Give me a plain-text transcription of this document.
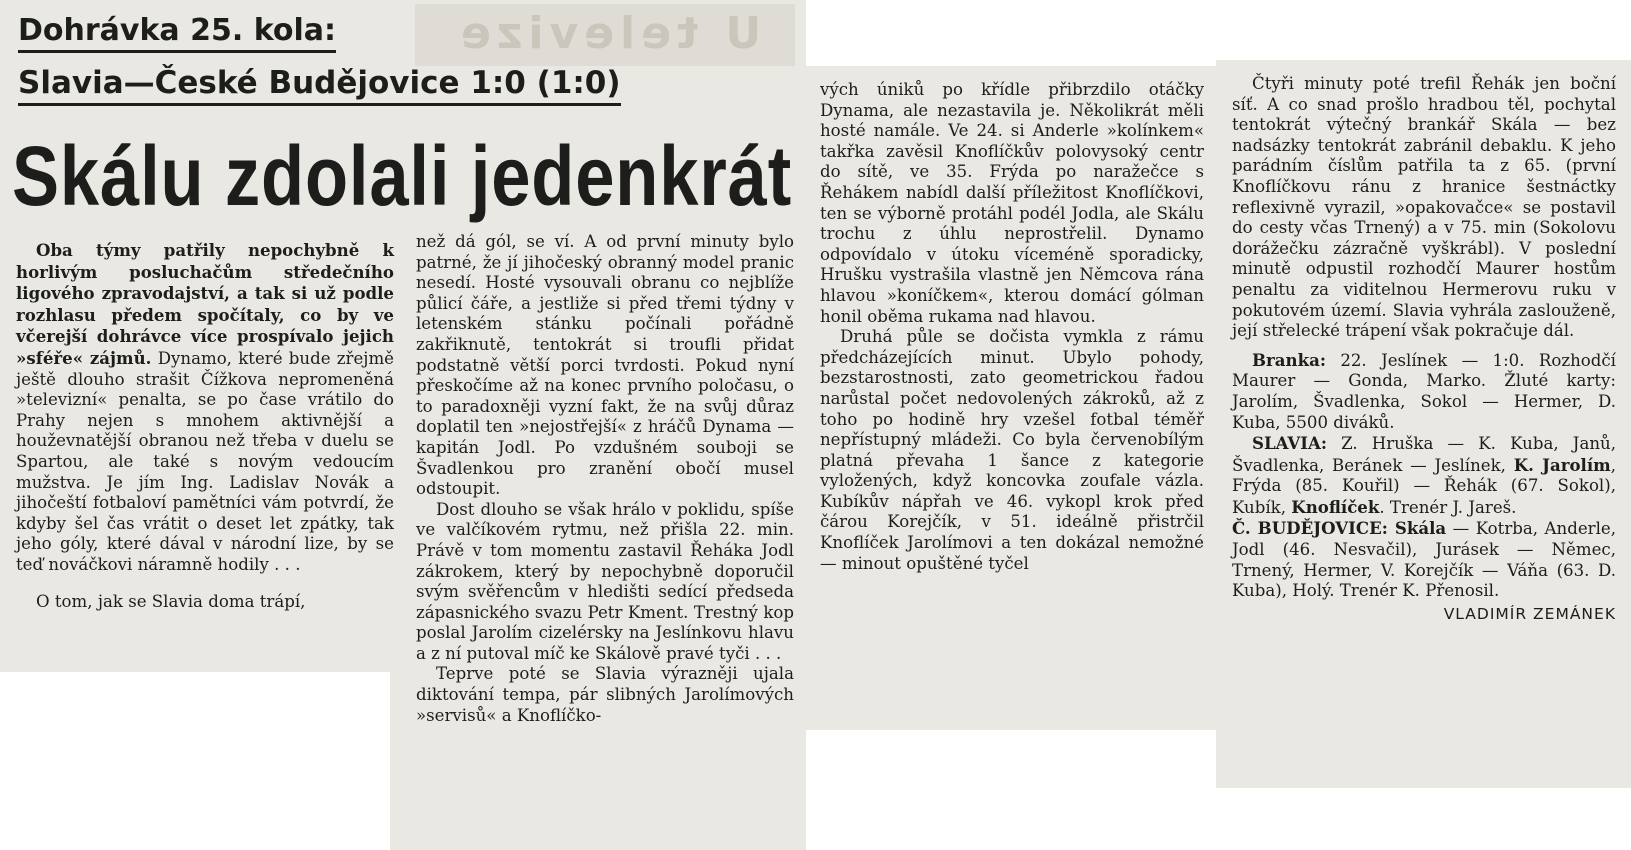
U televize
Dohrávka 25. kola:
Slavia—České Budějovice 1:0 (1:0)
Skálu zdolali jedenkrát

Oba týmy patřily nepochybně k horlivým posluchačům středečního ligového zpravodajství, a tak si už podle rozhlasu předem spočítaly, co by ve včerejší dohrávce více prospívalo jejich »sféře« zájmů. Dynamo, které bude zřejmě ještě dlouho strašit Čížkova nepromeněná »televizní« penalta, se po čase vrátilo do Prahy nejen s mnohem aktivnější a houževnatější obranou než třeba v duelu se Spartou, ale také s novým vedoucím mužstva. Je jím Ing. Ladislav Novák a jihočeští fotbaloví pamětníci vám potvrdí, že kdyby šel čas vrátit o deset let zpátky, tak jeho góly, které dával v národní lize, by se teď nováčkovi náramně hodily . . .

O tom, jak se Slavia doma trápí,

než dá gól, se ví. A od první minuty bylo patrné, že jí jihočeský obranný model pranic nesedí. Hosté vysouvali obranu co nejblíže půlicí čáře, a jestliže si před třemi týdny v letenském stánku počínali pořádně zakřiknutě, tentokrát si troufli přidat podstatně větší porci tvrdosti. Pokud nyní přeskočíme až na konec prvního poločasu, o to paradoxněji vyzní fakt, že na svůj důraz doplatil ten »nejostřejší« z hráčů Dynama — kapitán Jodl. Po vzdušném souboji se Švadlenkou pro zranění obočí musel odstoupit.

Dost dlouho se však hrálo v poklidu, spíše ve valčíkovém rytmu, než přišla 22. min. Právě v tom momentu zastavil Řeháka Jodl zákrokem, který by nepochybně doporučil svým svěřencům v hledišti sedící předseda zápasnického svazu Petr Kment. Trestný kop poslal Jarolím cizelérsky na Jeslínkovu hlavu a z ní putoval míč ke Skálově pravé tyči . . .

Teprve poté se Slavia výrazněji ujala diktování tempa, pár slibných Jarolímových »servisů« a Knoflíčko-

vých úniků po křídle přibrzdilo otáčky Dynama, ale nezastavila je. Několikrát měli hosté namále. Ve 24. si Anderle »kolínkem« takřka zavěsil Knoflíčkův polovysoký centr do sítě, ve 35. Frýda po naražečce s Řehákem nabídl další příležitost Knoflíčkovi, ten se výborně protáhl podél Jodla, ale Skálu trochu z úhlu neprostřelil. Dynamo odpovídalo v útoku víceméně sporadicky, Hrušku vystrašila vlastně jen Němcova rána hlavou »koníčkem«, kterou domácí gólman honil oběma rukama nad hlavou.

Druhá půle se dočista vymkla z rámu předcházejících minut. Ubylo pohody, bezstarostnosti, zato geometrickou řadou narůstal počet nedovolených zákroků, až z toho po hodině hry vzešel fotbal téměř nepřístupný mládeži. Co byla červenobílým platná převaha 1 šance z kategorie vyložených, když koncovka zoufale vázla. Kubíkův nápřah ve 46. vykopl krok před čárou Korejčík, v 51. ideálně přistrčil Knoflíček Jarolímovi a ten dokázal nemožné — minout opuštěné tyčel

Čtyři minuty poté trefil Řehák jen boční síť. A co snad prošlo hradbou těl, pochytal tentokrát výtečný brankář Skála — bez nadsázky tentokrát zabránil debaklu. K jeho parádním číslům patřila ta z 65. (první Knoflíčkovu ránu z hranice šestnáctky reflexivně vyrazil, »opakovačce« se postavil do cesty včas Trnený) a v 75. min (Sokolovu dorážečku zázračně vyškrábl). V poslední minutě odpustil rozhodčí Maurer hostům penaltu za viditelnou Hermerovu ruku v pokutovém území. Slavia vyhrála zaslouženě, její střelecké trápení však pokračuje dál.

Branka: 22. Jeslínek — 1:0. Rozhodčí Maurer — Gonda, Marko. Žluté karty: Jarolím, Švadlenka, Sokol — Hermer, D. Kuba, 5500 diváků.

SLAVIA: Z. Hruška — K. Kuba, Janů, Švadlenka, Beránek — Jeslínek, K. Jarolím, Frýda (85. Kouřil) — Řehák (67. Sokol), Kubík, Knoflíček. Trenér J. Jareš.

Č. BUDĚJOVICE: Skála — Kotrba, Anderle, Jodl (46. Nesvačil), Jurásek — Němec, Trnený, Hermer, V. Korejčík — Váňa (63. D. Kuba), Holý. Trenér K. Přenosil.

VLADIMÍR ZEMÁNEK
